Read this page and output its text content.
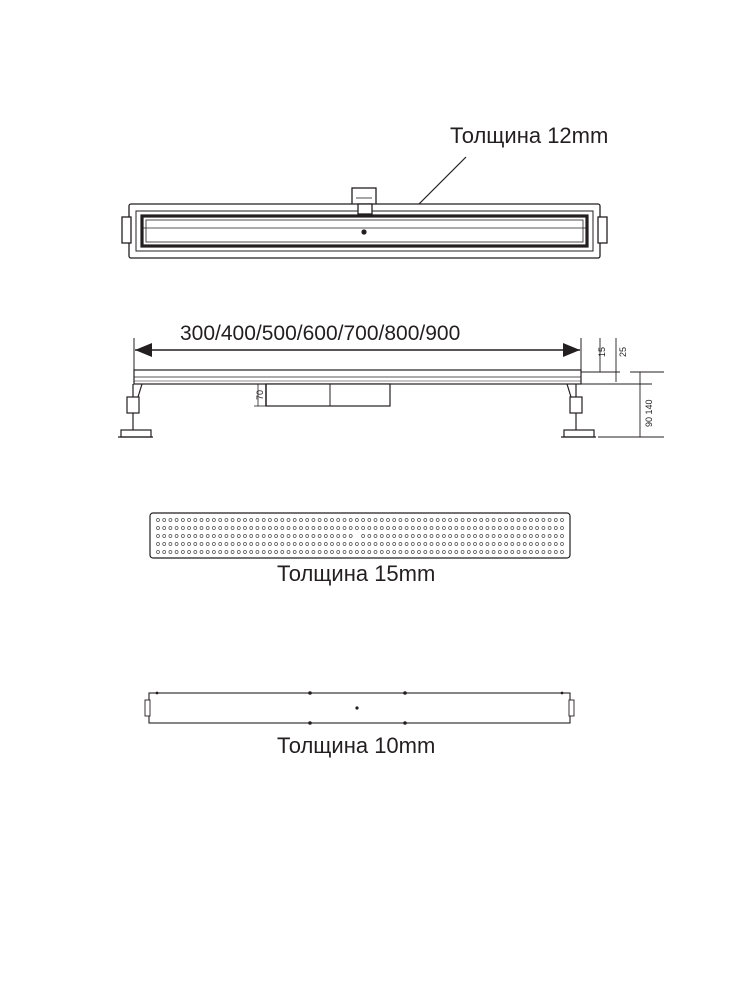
Толщина 12mm
300/400/500/600/700/800/900
15 25
70
90 140
Толщина 15mm
Толщина 10mm
